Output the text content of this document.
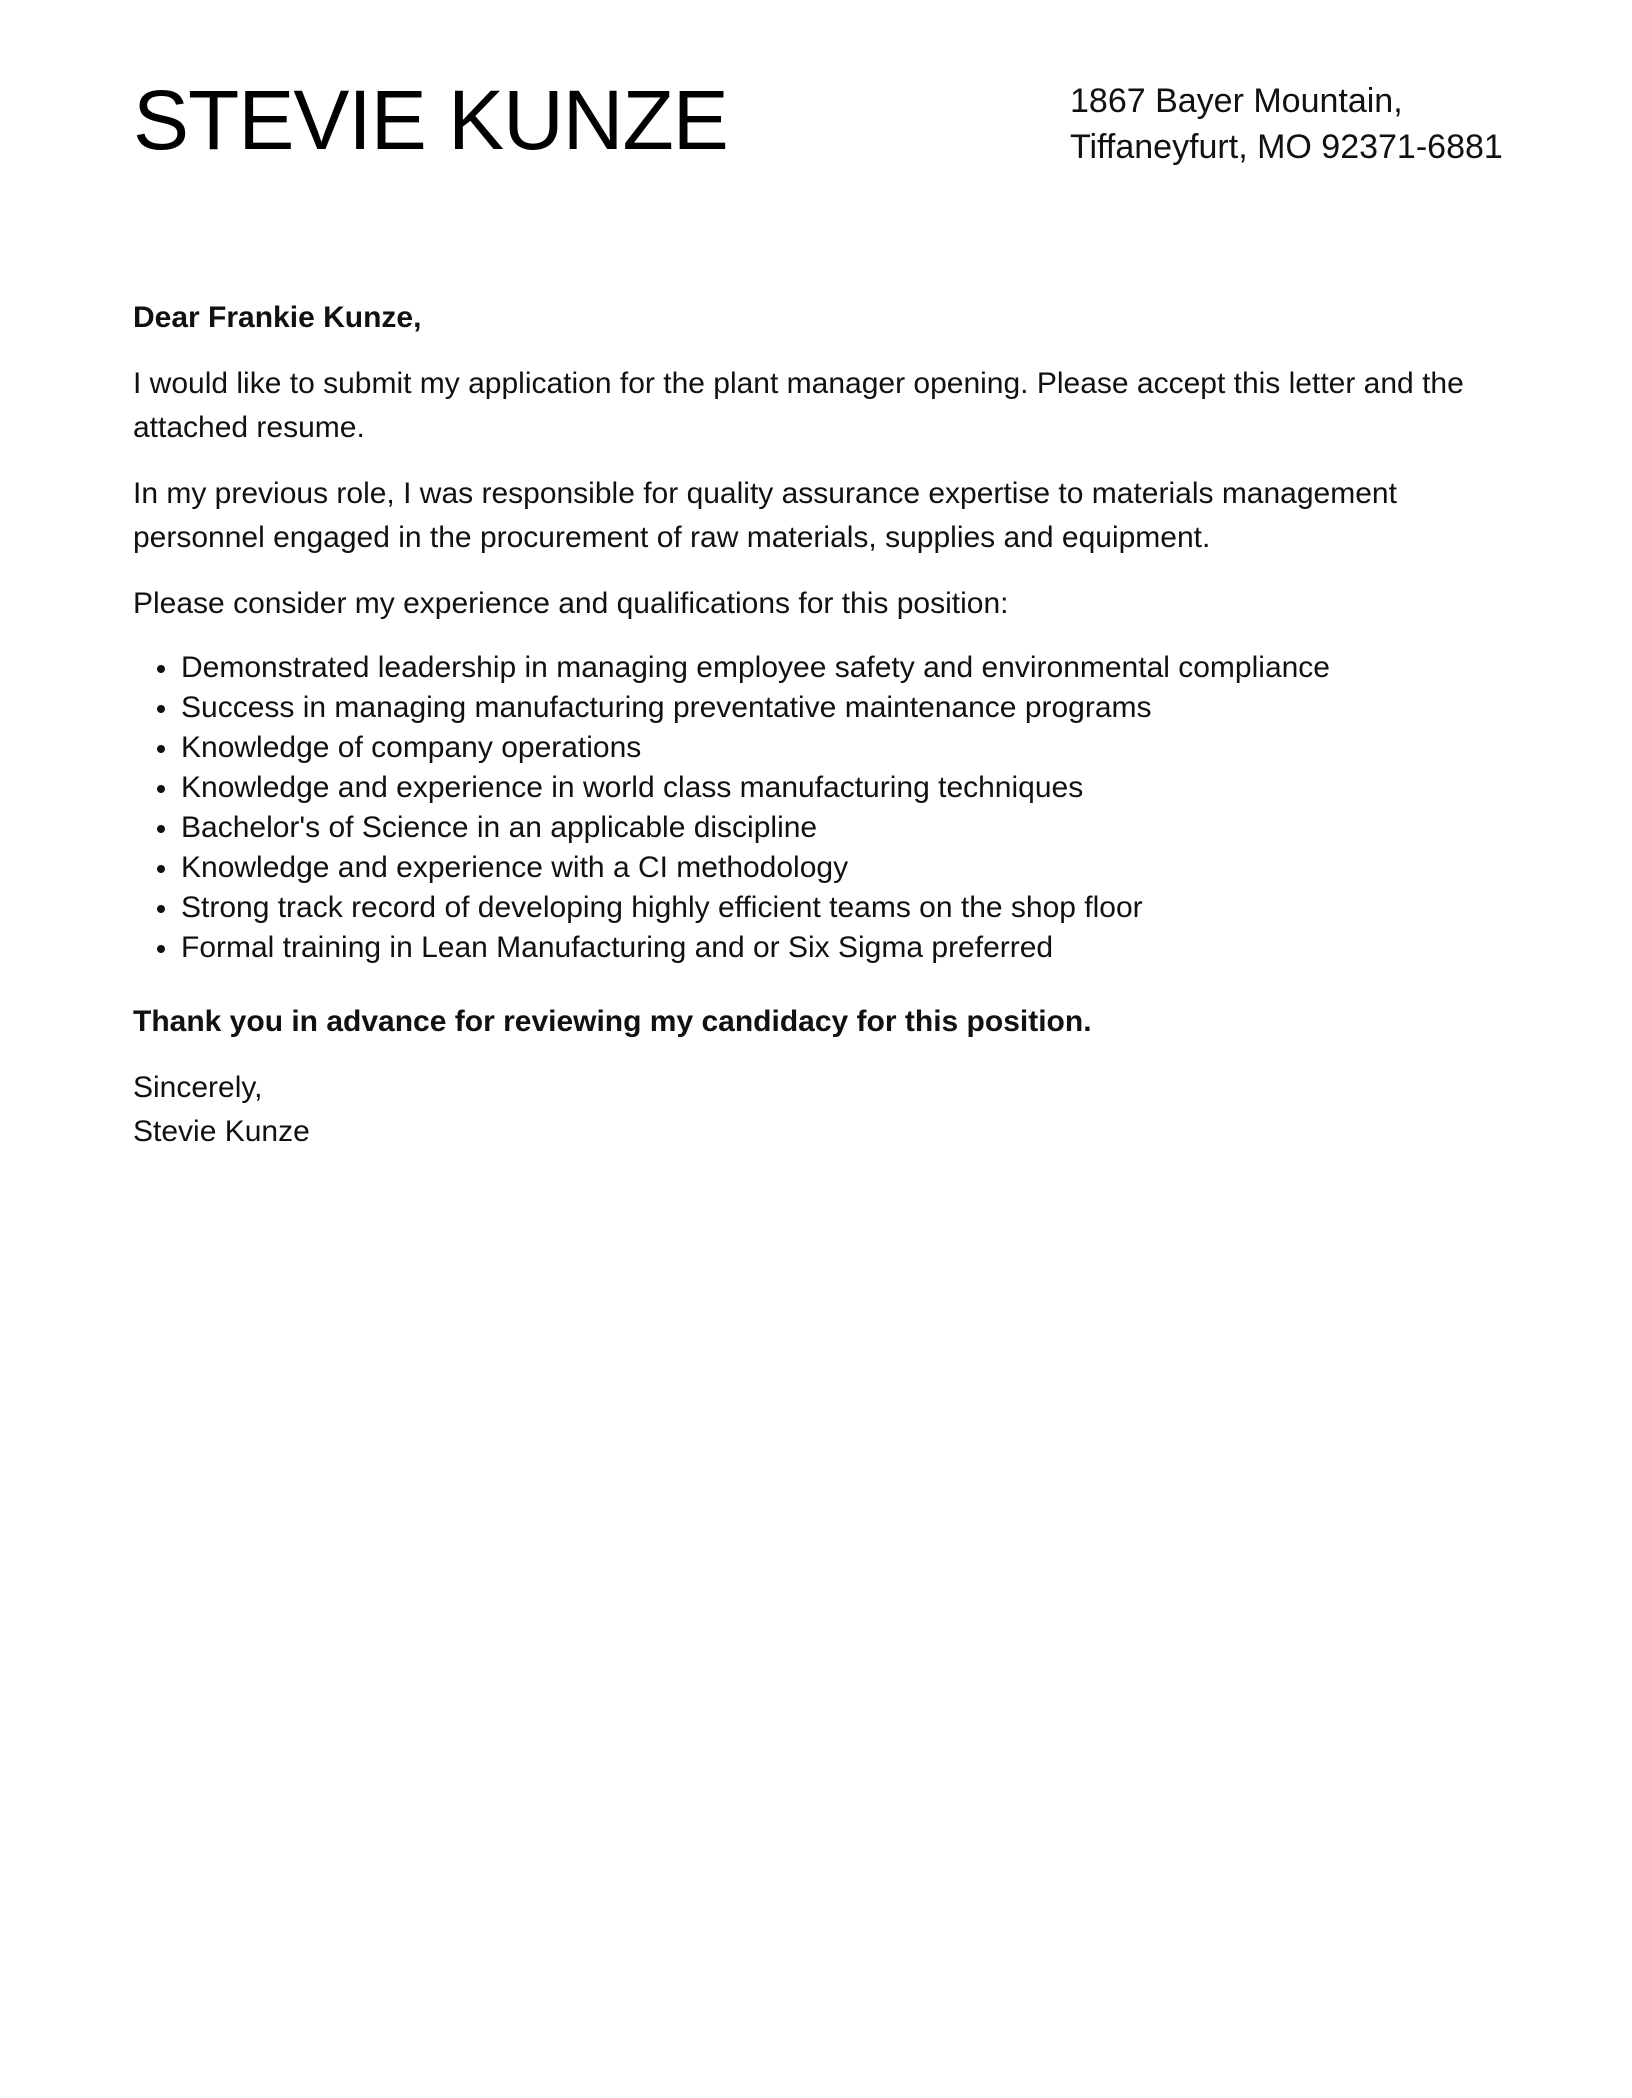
STEVIE KUNZE	1867 Bayer Mountain,
Tiffaneyfurt, MO 92371-6881

Dear Frankie Kunze,

I would like to submit my application for the plant manager opening. Please accept this letter and the attached resume.

In my previous role, I was responsible for quality assurance expertise to materials management personnel engaged in the procurement of raw materials, supplies and equipment.

Please consider my experience and qualifications for this position:

Demonstrated leadership in managing employee safety and environmental compliance
Success in managing manufacturing preventative maintenance programs
Knowledge of company operations
Knowledge and experience in world class manufacturing techniques
Bachelor's of Science in an applicable discipline
Knowledge and experience with a CI methodology
Strong track record of developing highly efficient teams on the shop floor
Formal training in Lean Manufacturing and or Six Sigma preferred

Thank you in advance for reviewing my candidacy for this position.

Sincerely,

Stevie Kunze
